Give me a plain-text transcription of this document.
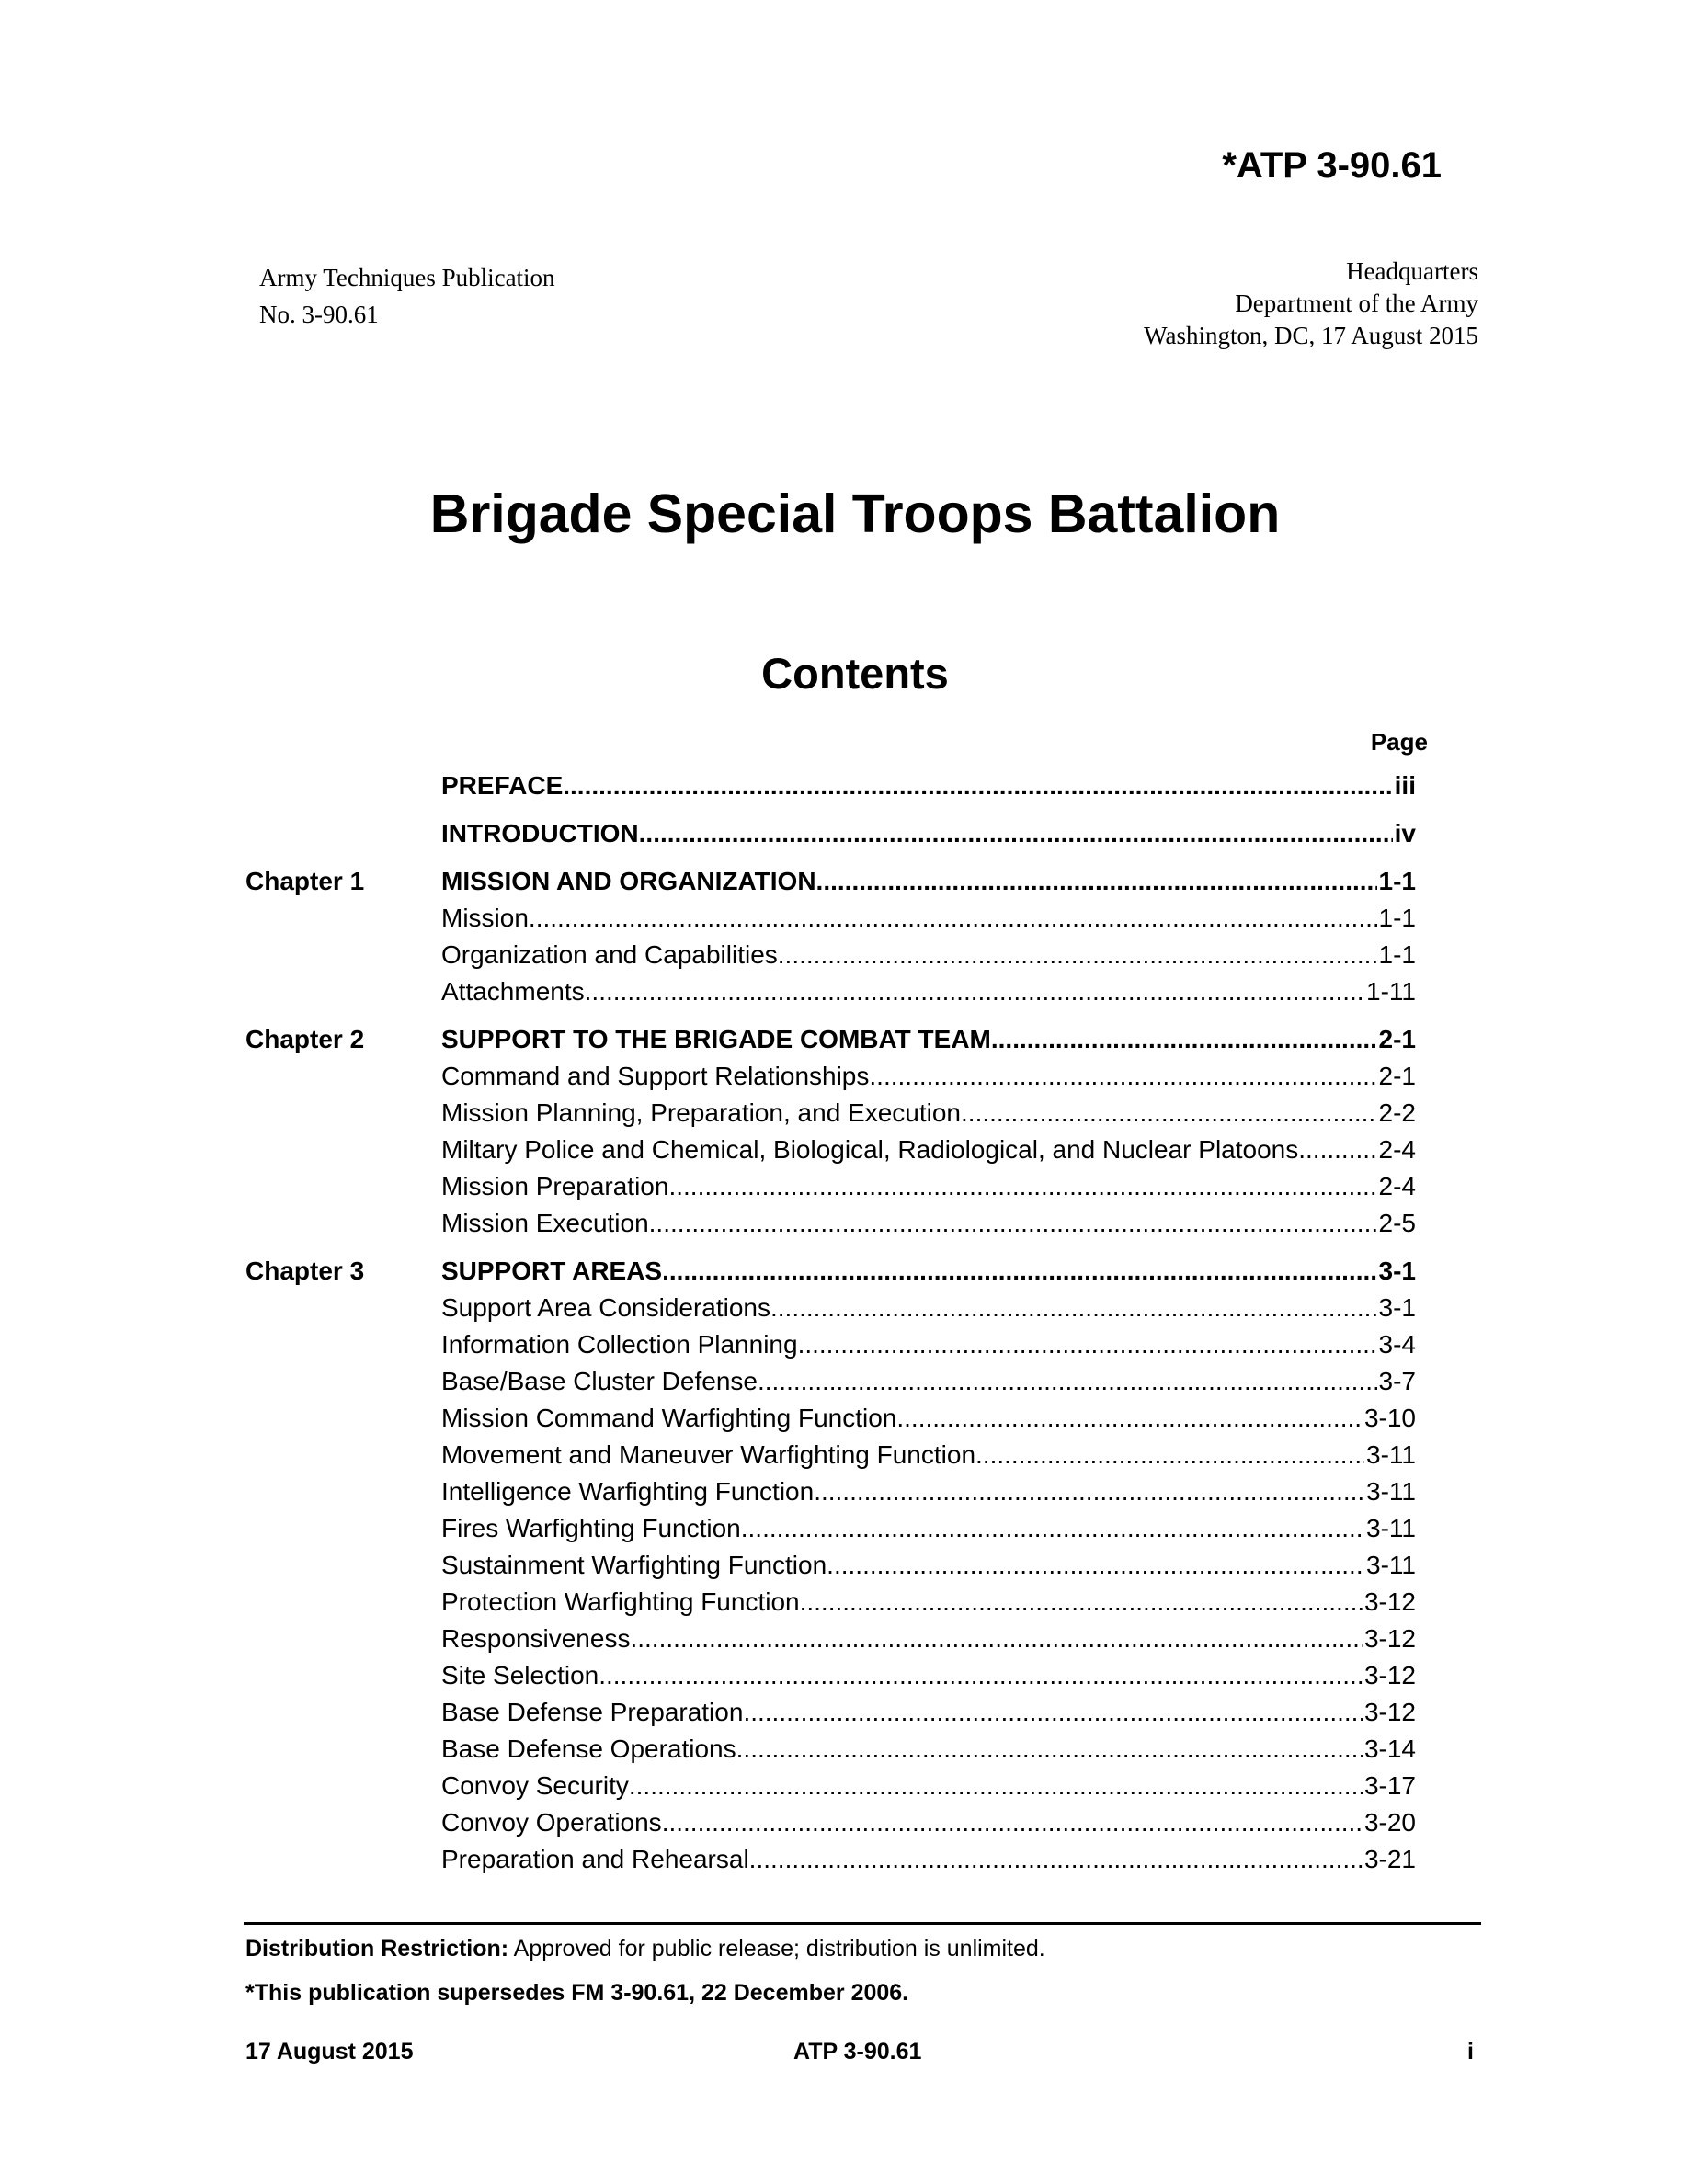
*ATP 3-90.61
Army Techniques Publication
No. 3-90.61
Headquarters
Department of the Army
Washington, DC, 17 August 2015
Brigade Special Troops Battalion
Contents
Page
PREFACE .....	iii
INTRODUCTION .....	iv
Chapter 1	MISSION AND ORGANIZATION .....	1-1
Mission .....	1-1
Organization and Capabilities .....	1-1
Attachments .....	1-11
Chapter 2	SUPPORT TO THE BRIGADE COMBAT TEAM .....	2-1
Command and Support Relationships .....	2-1
Mission Planning, Preparation, and Execution .....	2-2
Miltary Police and Chemical, Biological, Radiological, and Nuclear Platoons .....	2-4
Mission Preparation .....	2-4
Mission Execution .....	2-5
Chapter 3	SUPPORT AREAS .....	3-1
Support Area Considerations .....	3-1
Information Collection Planning .....	3-4
Base/Base Cluster Defense .....	3-7
Mission Command Warfighting Function .....	3-10
Movement and Maneuver Warfighting Function .....	3-11
Intelligence Warfighting Function .....	3-11
Fires Warfighting Function .....	3-11
Sustainment Warfighting Function .....	3-11
Protection Warfighting Function .....	3-12
Responsiveness .....	3-12
Site Selection .....	3-12
Base Defense Preparation .....	3-12
Base Defense Operations .....	3-14
Convoy Security .....	3-17
Convoy Operations .....	3-20
Preparation and Rehearsal .....	3-21
Distribution Restriction: Approved for public release; distribution is unlimited.
*This publication supersedes FM 3-90.61, 22 December 2006.
17 August 2015	ATP 3-90.61	i
